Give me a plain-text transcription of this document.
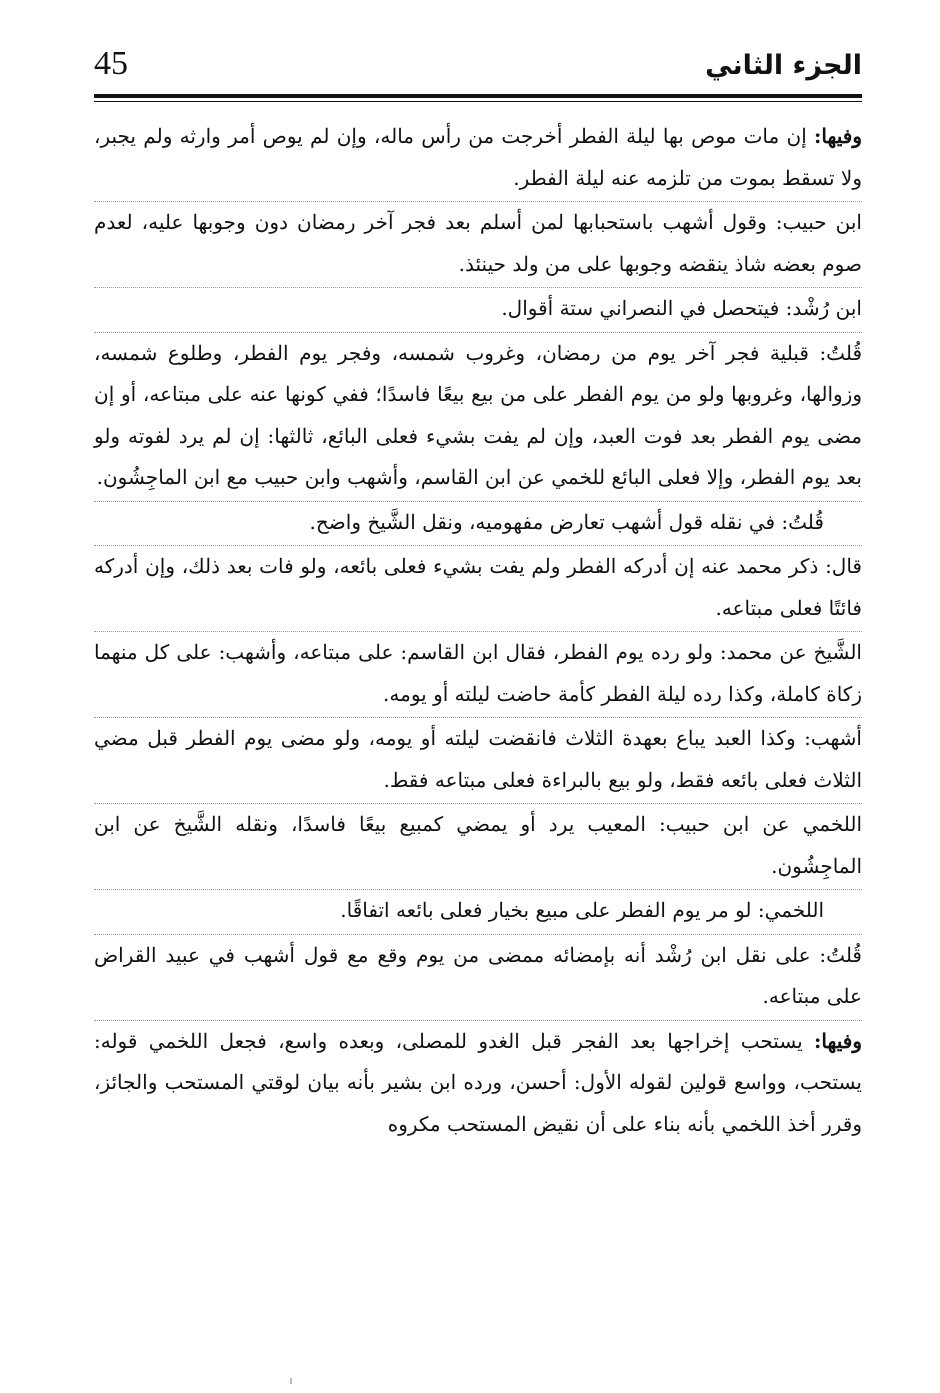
45	الجزء الثاني

وفيها: إن مات موص بها ليلة الفطر أخرجت من رأس ماله، وإن لم يوص أمر وارثه ولم يجبر، ولا تسقط بموت من تلزمه عنه ليلة الفطر.

ابن حبيب: وقول أشهب باستحبابها لمن أسلم بعد فجر آخر رمضان دون وجوبها عليه، لعدم صوم بعضه شاذ ينقضه وجوبها على من ولد حينئذ.

ابن رُشْد: فيتحصل في النصراني ستة أقوال.

قُلتُ: قبلية فجر آخر يوم من رمضان، وغروب شمسه، وفجر يوم الفطر، وطلوع شمسه، وزوالها، وغروبها ولو من يوم الفطر على من بيع بيعًا فاسدًا؛ ففي كونها عنه على مبتاعه، أو إن مضى يوم الفطر بعد فوت العبد، وإن لم يفت بشيء فعلى البائع، ثالثها: إن لم يرد لفوته ولو بعد يوم الفطر، وإلا فعلى البائع للخمي عن ابن القاسم، وأشهب وابن حبيب مع ابن الماجِشُون.

قُلتُ: في نقله قول أشهب تعارض مفهوميه، ونقل الشَّيخ واضح.

قال: ذكر محمد عنه إن أدركه الفطر ولم يفت بشيء فعلى بائعه، ولو فات بعد ذلك، وإن أدركه فائتًا فعلى مبتاعه.

الشَّيخ عن محمد: ولو رده يوم الفطر، فقال ابن القاسم: على مبتاعه، وأشهب: على كل منهما زكاة كاملة، وكذا رده ليلة الفطر كأمة حاضت ليلته أو يومه.

أشهب: وكذا العبد يباع بعهدة الثلاث فانقضت ليلته أو يومه، ولو مضى يوم الفطر قبل مضي الثلاث فعلى بائعه فقط، ولو بيع بالبراءة فعلى مبتاعه فقط.

اللخمي عن ابن حبيب: المعيب يرد أو يمضي كمبيع بيعًا فاسدًا، ونقله الشَّيخ عن ابن الماجِشُون.

اللخمي: لو مر يوم الفطر على مبيع بخيار فعلى بائعه اتفاقًا.

قُلتُ: على نقل ابن رُشْد أنه بإمضائه ممضى من يوم وقع مع قول أشهب في عبيد القراض على مبتاعه.

وفيها: يستحب إخراجها بعد الفجر قبل الغدو للمصلى، وبعده واسع، فجعل اللخمي قوله: يستحب، وواسع قولين لقوله الأول: أحسن، ورده ابن بشير بأنه بيان لوقتي المستحب والجائز، وقرر أخذ اللخمي بأنه بناء على أن نقيض المستحب مكروه
